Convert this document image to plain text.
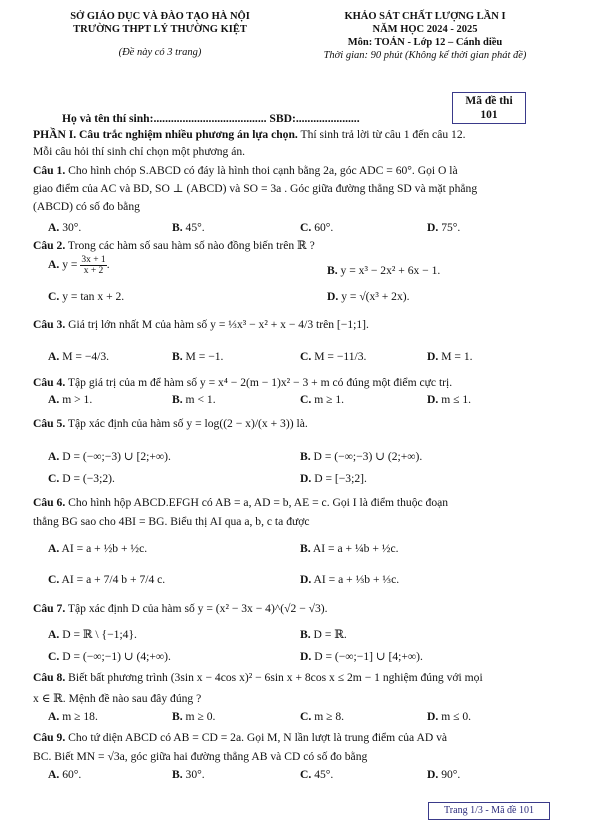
SỞ GIÁO DỤC VÀ ĐÀO TẠO HÀ NỘI
TRƯỜNG THPT LÝ THƯỜNG KIỆT
(Đề này có 3 trang)
KHẢO SÁT CHẤT LƯỢNG LẦN I
NĂM HỌC 2024 - 2025
Môn: TOÁN - Lớp 12 – Cánh diều
Thời gian: 90 phút (Không kể thời gian phát đề)
Mã đề thi
101
Họ và tên thí sinh:....................................... SBD:......................
PHẦN I. Câu trắc nghiệm nhiều phương án lựa chọn. Thí sinh trả lời từ câu 1 đến câu 12.
Mỗi câu hỏi thí sinh chỉ chọn một phương án.
Câu 1. Cho hình chóp S.ABCD có đáy là hình thoi cạnh bằng 2a, góc ADC = 60°. Gọi O là
giao điểm của AC và BD, SO ⊥ (ABCD) và SO = 3a . Góc giữa đường thẳng SD và mặt phẳng
(ABCD) có số đo bằng
A. 30°.	B. 45°.	C. 60°.	D. 75°.
Câu 2. Trong các hàm số sau hàm số nào đồng biến trên ℝ ?
A. $y = \frac{3x + 1}{x + 2}$ .	B. y = x³ − 2x² + 6x − 1.
C. y = tan x + 2.	D. y = √(x³ + 2x).
Câu 3. Giá trị lớn nhất M của hàm số y = ⅓x³ − x² + x − 4/3 trên [−1;1].
A. M = −4/3.	B. M = −1.	C. M = −11/3.	D. M = 1.
Câu 4. Tập giá trị của m để hàm số y = x⁴ − 2(m − 1)x² − 3 + m có đúng một điểm cực trị.
A. m > 1.	B. m < 1.	C. m ≥ 1.	D. m ≤ 1.
Câu 5. Tập xác định của hàm số y = log((2 − x)/(x + 3)) là.
A. D = (−∞;−3) ∪ [2;+∞).	B. D = (−∞;−3) ∪ (2;+∞).
C. D = (−3;2).	D. D = [−3;2].
Câu 6. Cho hình hộp ABCD.EFGH có AB = a, AD = b, AE = c. Gọi I là điểm thuộc đoạn
thẳng BG sao cho 4BI = BG. Biểu thị AI qua a, b, c ta được
A. AI = a + ½b + ½c.	B. AI = a + ¼b + ½c.
C. AI = a + 7/4 b + 7/4 c.	D. AI = a + ⅓b + ⅓c.
Câu 7. Tập xác định D của hàm số y = (x² − 3x − 4)^(√2 − √3).
A. D = ℝ \ {−1;4}.	B. D = ℝ.
C. D = (−∞;−1) ∪ (4;+∞).	D. D = (−∞;−1] ∪ [4;+∞).
Câu 8. Biết bất phương trình (3sin x − 4cos x)² − 6sin x + 8cos x ≤ 2m − 1 nghiệm đúng với mọi
x ∈ ℝ. Mệnh đề nào sau đây đúng ?
A. m ≥ 18.	B. m ≥ 0.	C. m ≥ 8.	D. m ≤ 0.
Câu 9. Cho tứ diện ABCD có AB = CD = 2a. Gọi M, N lần lượt là trung điểm của AD và
BC. Biết MN = √3a, góc giữa hai đường thẳng AB và CD có số đo bằng
A. 60°.	B. 30°.	C. 45°.	D. 90°.
Trang 1/3 - Mã đề 101
